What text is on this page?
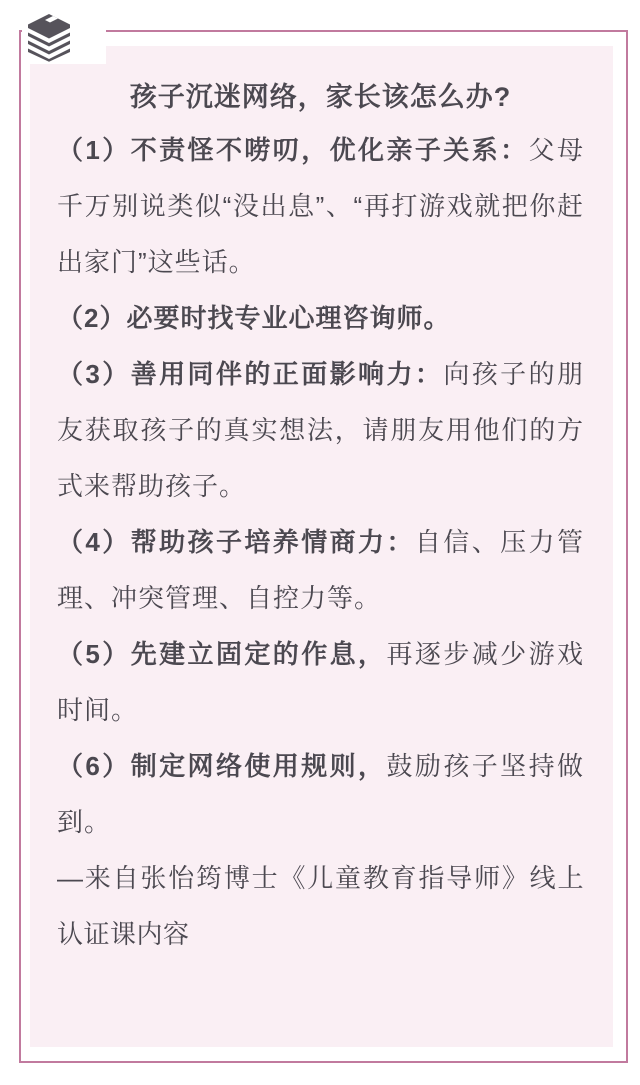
孩子沉迷网络，家长该怎么办?

（1）不责怪不唠叨，优化亲子关系：父母千万别说类似“没出息”、“再打游戏就把你赶出家门”这些话。

（2）必要时找专业心理咨询师。

（3）善用同伴的正面影响力：向孩子的朋友获取孩子的真实想法，请朋友用他们的方式来帮助孩子。

（4）帮助孩子培养情商力：自信、压力管理、冲突管理、自控力等。

（5）先建立固定的作息，再逐步减少游戏时间。

（6）制定网络使用规则，鼓励孩子坚持做到。

—来自张怡筠博士《儿童教育指导师》线上认证课内容
